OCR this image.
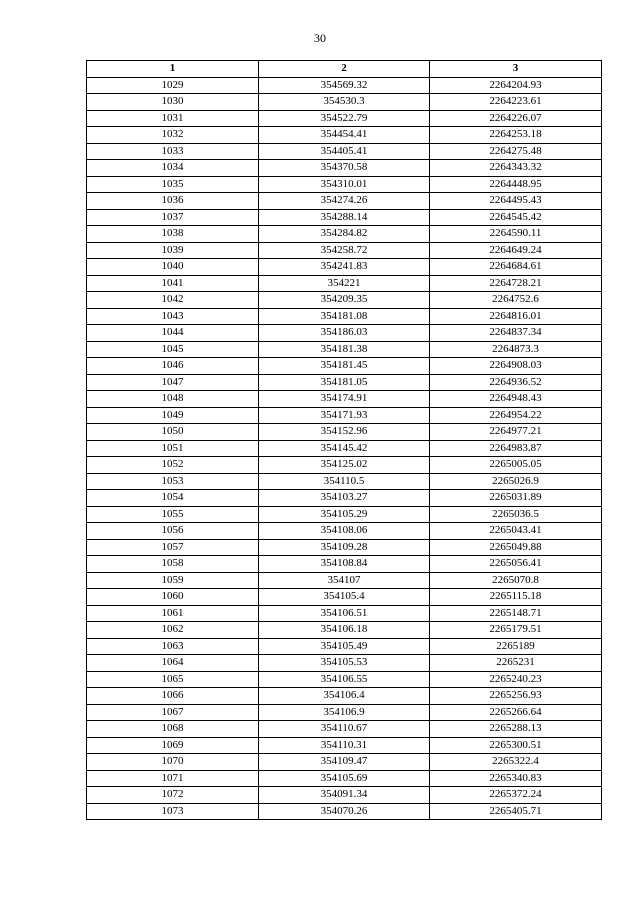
30
1	2	3
1029	354569.32	2264204.93
1030	354530.3	2264223.61
1031	354522.79	2264226.07
1032	354454.41	2264253.18
1033	354405.41	2264275.48
1034	354370.58	2264343.32
1035	354310.01	2264448.95
1036	354274.26	2264495.43
1037	354288.14	2264545.42
1038	354284.82	2264590.11
1039	354258.72	2264649.24
1040	354241.83	2264684.61
1041	354221	2264728.21
1042	354209.35	2264752.6
1043	354181.08	2264816.01
1044	354186.03	2264837.34
1045	354181.38	2264873.3
1046	354181.45	2264908.03
1047	354181.05	2264936.52
1048	354174.91	2264948.43
1049	354171.93	2264954.22
1050	354152.96	2264977.21
1051	354145.42	2264983.87
1052	354125.02	2265005.05
1053	354110.5	2265026.9
1054	354103.27	2265031.89
1055	354105.29	2265036.5
1056	354108.06	2265043.41
1057	354109.28	2265049.88
1058	354108.84	2265056.41
1059	354107	2265070.8
1060	354105.4	2265115.18
1061	354106.51	2265148.71
1062	354106.18	2265179.51
1063	354105.49	2265189
1064	354105.53	2265231
1065	354106.55	2265240.23
1066	354106.4	2265256.93
1067	354106.9	2265266.64
1068	354110.67	2265288.13
1069	354110.31	2265300.51
1070	354109.47	2265322.4
1071	354105.69	2265340.83
1072	354091.34	2265372.24
1073	354070.26	2265405.71
